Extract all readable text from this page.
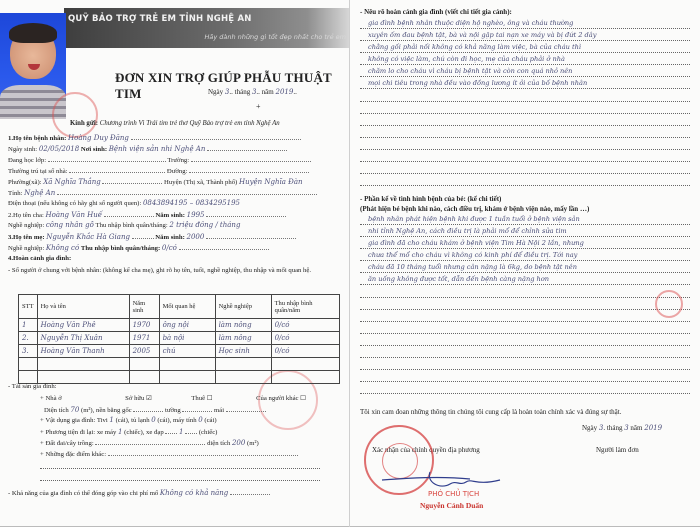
QUỸ BẢO TRỢ TRẺ EM TỈNH NGHỆ AN
Hãy dành những gì tốt đẹp nhất cho trẻ em
ĐƠN XIN TRỢ GIÚP PHẪU THUẬT TIM	Ngày 3.. tháng 3.. năm 2019..
+
Kính gửi: Chương trình Vì Trái tim trẻ thơ Quỹ Bảo trợ trẻ em tỉnh Nghệ An
1.Họ tên bệnh nhân: Hoàng Duy Đăng
Ngày sinh: 02/05/2018 Nơi sinh: Bệnh viện sản nhi Nghệ An
Đang học lớp:	Trường:
Thường trú tại số nhà:	Đường:
Phường(xã): Xã Nghĩa Thắng	Huyện (Thị xã, Thành phố) Huyện Nghĩa Đàn
Tỉnh: Nghệ An
Điện thoại (nếu không có hãy ghi số người quen): 0843894195 – 0834295195
2.Họ tên cha: Hoàng Văn Huế	Năm sinh: 1995
Nghề nghiệp: công nhân gỗ Thu nhập bình quân/tháng: 2 triệu đồng / tháng
3.Họ tên mẹ: Nguyễn Khắc Hà Giang	Năm sinh: 2000
Nghề nghiệp: Không có Thu nhập bình quân/tháng: 0/có
4.Hoàn cảnh gia đình:
- Số người ở chung với bệnh nhân: (không kể cha mẹ), ghi rõ họ tên, tuổi, nghề nghiệp, thu nhập và mối quan hệ.
STT	Họ và tên	Năm sinh	Mối quan hệ	Nghề nghiệp	Thu nhập bình quân/năm
1	Hoàng Văn Phê	1970	ông nội	làm nông	0/có
2.	Nguyễn Thị Xuân	1971	bà nội	làm nông	0/có
3.	Hoàng Văn Thanh	2005	chú	Học sinh	0/có

- Tài sản gia đình:
+ Nhà ở	Sở hữu ☑	Thuê ☐	Của người khác ☐
Diện tích 70 (m²), nền bằng gốc	tường	mái
+ Vật dụng gia đình: Tivi 1 (cái), tủ lạnh 0 (cái), máy tính 0 (cái)
+ Phương tiện đi lại: xe máy 1 (chiếc), xe đạp 1 (chiếc)
+ Đất đai/cây trồng:	diện tích 200 (m²)
+ Những đặc điểm khác:
- Khả năng của gia đình có thể đóng góp vào chi phí mổ Không có khả năng
- Nêu rõ hoàn cảnh gia đình (viết chi tiết gia cảnh):
gia đình bệnh nhân thuộc diện hộ nghèo, ông và cháu thường
xuyên ốm đau bệnh tật, bà và nội gặp tai nạn xe máy và bị đứt 2 dây
chằng gối phải nối không có khả năng làm việc, bà của cháu thì
không có việc làm, chú còn đi học, mẹ của cháu phải ở nhà
chăm lo cho cháu vì cháu bị bệnh tật và còn con quá nhỏ nên
mọi chi tiêu trong nhà đều vào đồng lương ít ỏi của bố bệnh nhân
- Phần kể về tình hình bệnh của bé: (kể chi tiết)
(Phát hiện bé bệnh khi nào, cách điều trị, khám ở bệnh viện nào, mấy lần …)
bệnh nhân phát hiện bệnh khi được 1 tuần tuổi ở bệnh viện sản
nhi tỉnh Nghệ An, cách điều trị là phải mổ để chỉnh sửa tim
gia đình đã cho cháu khám ở bệnh viện Tim Hà Nội 2 lần, nhưng
chưa thể mổ cho cháu vì không có kinh phí để điều trị. Tới nay
cháu đã 10 tháng tuổi nhưng cân nặng là 6kg, do bệnh tật nên
ăn uống không được tốt, dẫn đến bệnh càng nặng hơn
Tôi xin cam đoan những thông tin chúng tôi cung cấp là hoàn toàn chính xác và đúng sự thật.
Ngày 3. tháng 3 năm 2019
Xác nhận của chính quyền địa phương	Người làm đơn
PHÓ CHỦ TỊCH
Nguyễn Cảnh Duẩn
